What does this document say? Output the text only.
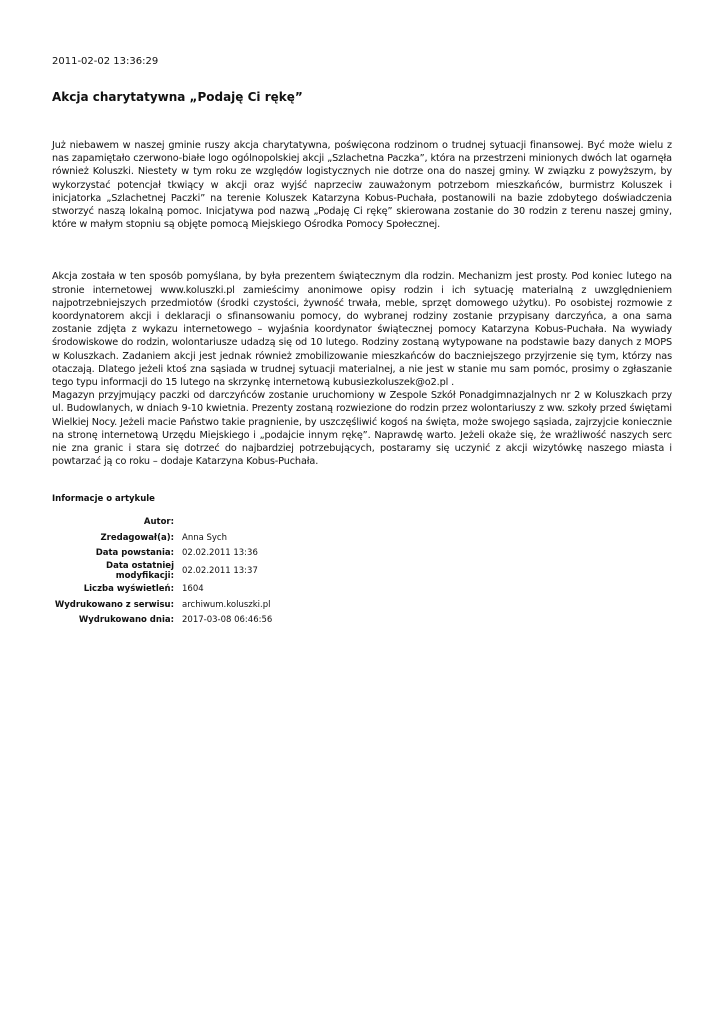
2011-02-02 13:36:29
Akcja charytatywna „Podaję Ci rękę”

Już niebawem w naszej gminie ruszy akcja charytatywna, poświęcona rodzinom o trudnej sytuacji finansowej. Być może wielu z nas zapamiętało czerwono-białe logo ogólnopolskiej akcji „Szlachetna Paczka”, która na przestrzeni minionych dwóch lat ogarnęła również Koluszki. Niestety w tym roku ze względów logistycznych nie dotrze ona do naszej gminy. W związku z powyższym, by wykorzystać potencjał tkwiący w akcji oraz wyjść naprzeciw zauważonym potrzebom mieszkańców, burmistrz Koluszek i inicjatorka „Szlachetnej Paczki” na terenie Koluszek Katarzyna Kobus-Puchała, postanowili na bazie zdobytego doświadczenia stworzyć naszą lokalną pomoc. Inicjatywa pod nazwą „Podaję Ci rękę” skierowana zostanie do 30 rodzin z terenu naszej gminy, które w małym stopniu są objęte pomocą Miejskiego Ośrodka Pomocy Społecznej.

Akcja została w ten sposób pomyślana, by była prezentem świątecznym dla rodzin. Mechanizm jest prosty. Pod koniec lutego na stronie internetowej www.koluszki.pl zamieścimy anonimowe opisy rodzin i ich sytuację materialną z uwzględnieniem najpotrzebniejszych przedmiotów (środki czystości, żywność trwała, meble, sprzęt domowego użytku). Po osobistej rozmowie z koordynatorem akcji i deklaracji o sfinansowaniu pomocy, do wybranej rodziny zostanie przypisany darczyńca, a ona sama zostanie zdjęta z wykazu internetowego – wyjaśnia koordynator świątecznej pomocy Katarzyna Kobus-Puchała. Na wywiady środowiskowe do rodzin, wolontariusze udadzą się od 10 lutego. Rodziny zostaną wytypowane na podstawie bazy danych z MOPS w Koluszkach. Zadaniem akcji jest jednak również zmobilizowanie mieszkańców do baczniejszego przyjrzenie się tym, którzy nas otaczają. Dlatego jeżeli ktoś zna sąsiada w trudnej sytuacji materialnej, a nie jest w stanie mu sam pomóc, prosimy o zgłaszanie tego typu informacji do 15 lutego na skrzynkę internetową kubusiezkoluszek@o2.pl .

Magazyn przyjmujący paczki od darczyńców zostanie uruchomiony w Zespole Szkół Ponadgimnazjalnych nr 2 w Koluszkach przy ul. Budowlanych, w dniach 9-10 kwietnia. Prezenty zostaną rozwiezione do rodzin przez wolontariuszy z ww. szkoły przed świętami Wielkiej Nocy. Jeżeli macie Państwo takie pragnienie, by uszczęśliwić kogoś na święta, może swojego sąsiada, zajrzyjcie koniecznie na stronę internetową Urzędu Miejskiego i „podajcie innym rękę”. Naprawdę warto. Jeżeli okaże się, że wrażliwość naszych serc nie zna granic i stara się dotrzeć do najbardziej potrzebujących, postaramy się uczynić z akcji wizytówkę naszego miasta i powtarzać ją co roku – dodaje Katarzyna Kobus-Puchała.

Informacje o artykule
Autor:	
Zredagował(a):	Anna Sych
Data powstania:	02.02.2011 13:36
Data ostatniej modyfikacji:	02.02.2011 13:37
Liczba wyświetleń:	1604
Wydrukowano z serwisu:	archiwum.koluszki.pl
Wydrukowano dnia:	2017-03-08 06:46:56
